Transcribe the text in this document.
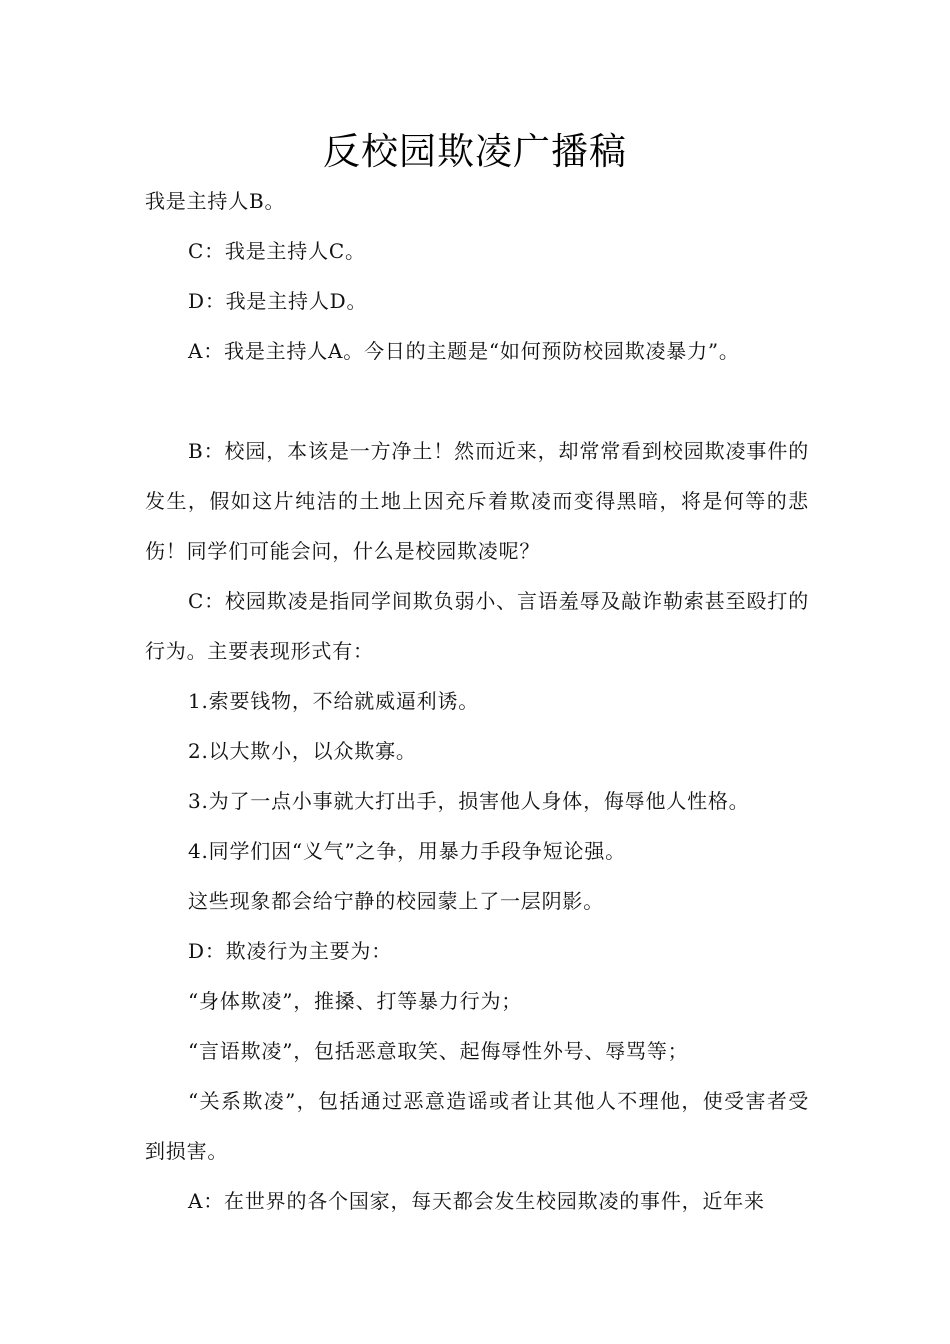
反校园欺凌广播稿

我是主持人B。

C：我是主持人C。

D：我是主持人D。

A：我是主持人A。今日的主题是“如何预防校园欺凌暴力”。

B：校园，本该是一方净土！然而近来，却常常看到校园欺凌事件的发生，假如这片纯洁的土地上因充斥着欺凌而变得黑暗，将是何等的悲伤！同学们可能会问，什么是校园欺凌呢？

C：校园欺凌是指同学间欺负弱小、言语羞辱及敲诈勒索甚至殴打的行为。主要表现形式有：

1.索要钱物，不给就威逼利诱。

2.以大欺小，以众欺寡。

3.为了一点小事就大打出手，损害他人身体，侮辱他人性格。

4.同学们因“义气”之争，用暴力手段争短论强。

这些现象都会给宁静的校园蒙上了一层阴影。

D：欺凌行为主要为：

“身体欺凌”，推搡、打等暴力行为；

“言语欺凌”，包括恶意取笑、起侮辱性外号、辱骂等；

“关系欺凌”，包括通过恶意造谣或者让其他人不理他，使受害者受到损害。

A：在世界的各个国家，每天都会发生校园欺凌的事件，近年来
